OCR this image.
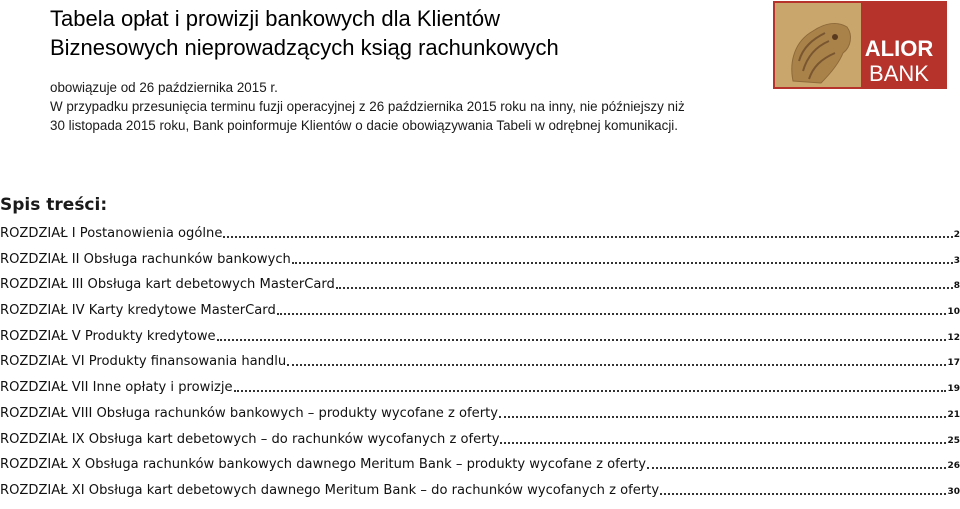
Tabela opłat i prowizji bankowych dla Klientów
Biznesowych nieprowadzących ksiąg rachunkowych
obowiązuje od 26 października 2015 r.
W przypadku przesunięcia terminu fuzji operacyjnej z 26 października 2015 roku na inny, nie późniejszy niż
30 listopada 2015 roku, Bank poinformuje Klientów o dacie obowiązywania Tabeli w odrębnej komunikacji.
ALIOR
BANK
Spis treści:
ROZDZIAŁ I Postanowienia ogólne	2
ROZDZIAŁ II Obsługa rachunków bankowych	3
ROZDZIAŁ III Obsługa kart debetowych MasterCard	8
ROZDZIAŁ IV Karty kredytowe MasterCard	10
ROZDZIAŁ V Produkty kredytowe	12
ROZDZIAŁ VI Produkty finansowania handlu	17
ROZDZIAŁ VII Inne opłaty i prowizje	19
ROZDZIAŁ VIII Obsługa rachunków bankowych – produkty wycofane z oferty	21
ROZDZIAŁ IX Obsługa kart debetowych – do rachunków wycofanych z oferty	25
ROZDZIAŁ X Obsługa rachunków bankowych dawnego Meritum Bank – produkty wycofane z oferty	26
ROZDZIAŁ XI Obsługa kart debetowych dawnego Meritum Bank – do rachunków wycofanych z oferty	30
